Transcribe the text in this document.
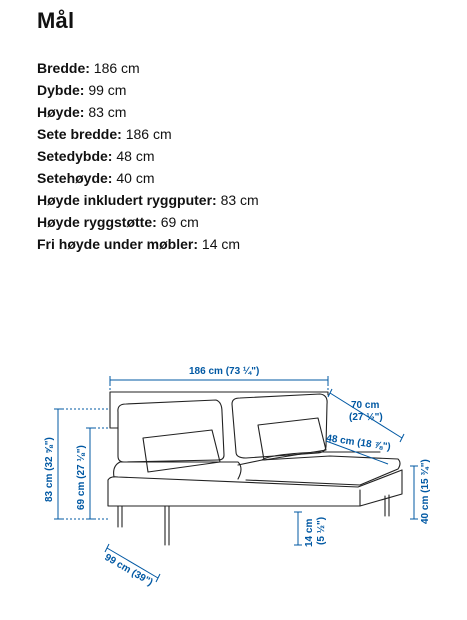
Mål
Bredde: 186 cm
Dybde: 99 cm
Høyde: 83 cm
Sete bredde: 186 cm
Setedybde: 48 cm
Setehøyde: 40 cm
Høyde inkludert ryggputer: 83 cm
Høyde ryggstøtte: 69 cm
Fri høyde under møbler: 14 cm
186 cm (73 ¼")
70 cm
(27 ½")
48 cm (18 ⅞")
83 cm (32 ⅝") 69 cm (27 ⅛")	40 cm (15 ¾")
14 cm (5 ½")
99 cm (39")
